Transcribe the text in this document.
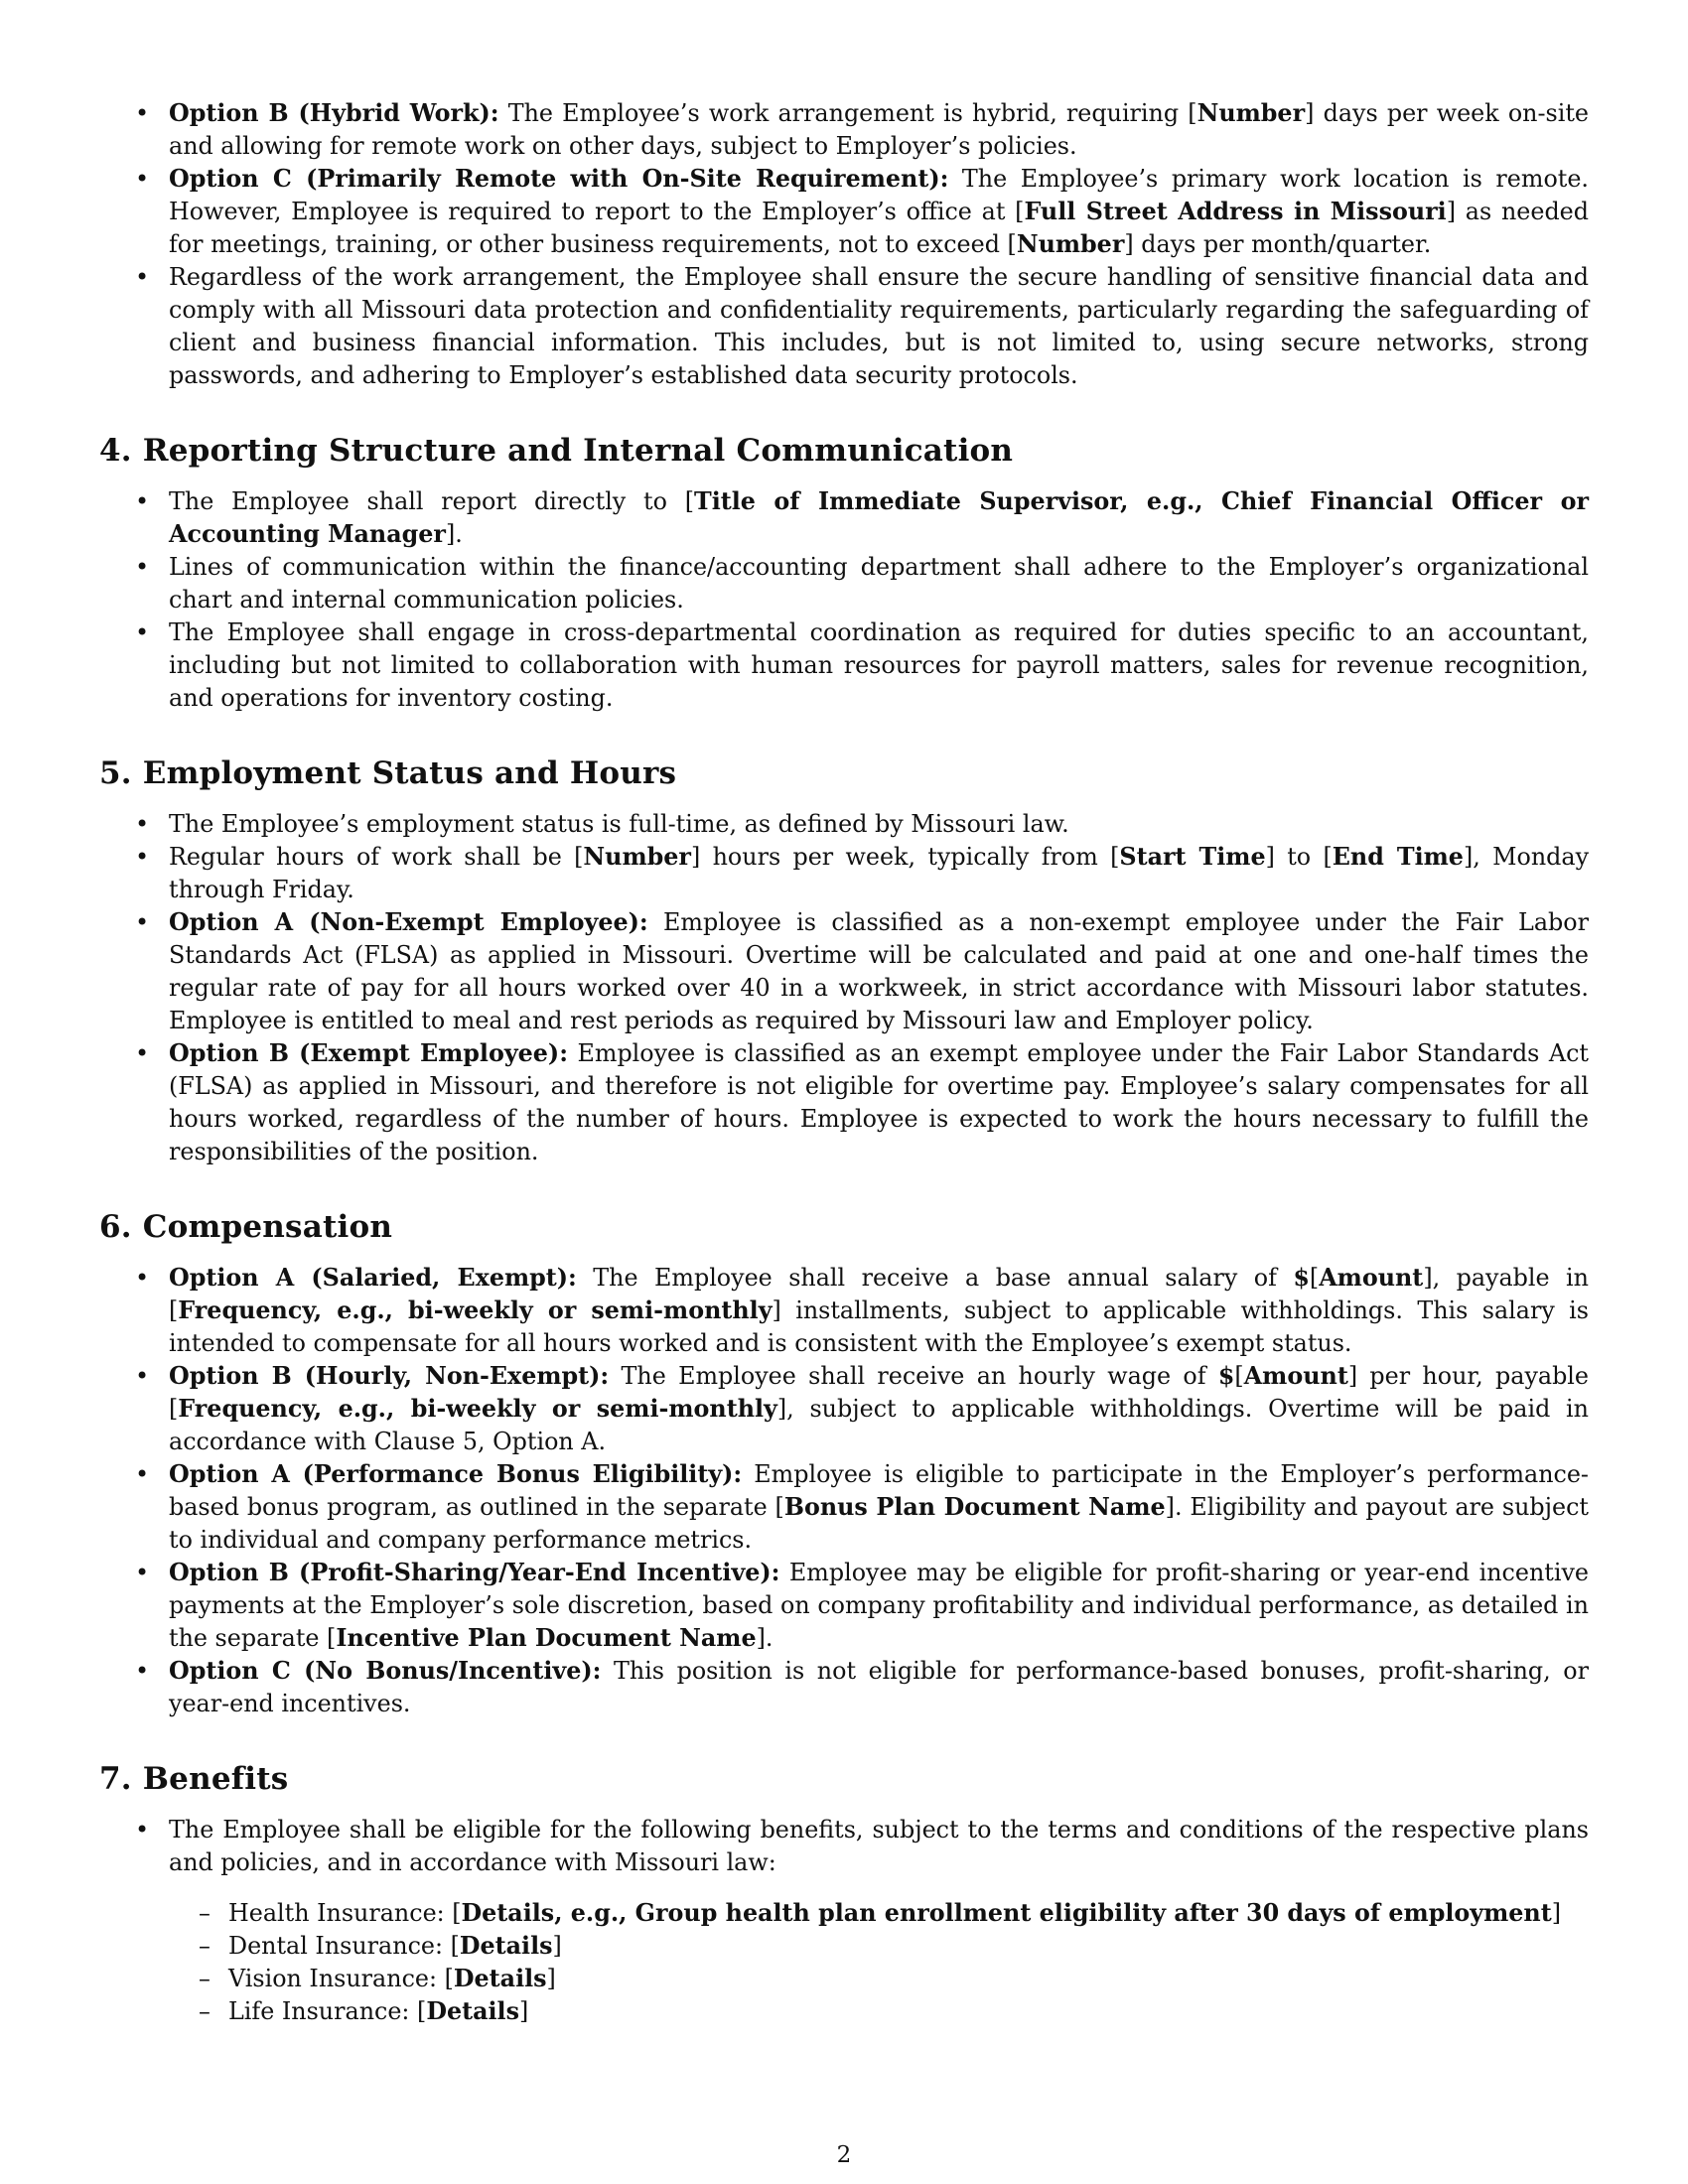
• Option B (Hybrid Work): The Employee’s work arrangement is hybrid, requiring [Number] days per week on-site and allowing for remote work on other days, subject to Employer’s policies.
• Option C (Primarily Remote with On-Site Requirement): The Employee’s primary work location is remote. However, Employee is required to report to the Employer’s office at [Full Street Address in Missouri] as needed for meetings, training, or other business requirements, not to exceed [Number] days per month/quarter.
• Regardless of the work arrangement, the Employee shall ensure the secure handling of sensitive financial data and comply with all Missouri data protection and confidentiality requirements, particularly regarding the safeguarding of client and business financial information. This includes, but is not limited to, using secure networks, strong passwords, and adhering to Employer’s established data security protocols.
4. Reporting Structure and Internal Communication
• The Employee shall report directly to [Title of Immediate Supervisor, e.g., Chief Financial Officer or Accounting Manager].
• Lines of communication within the finance/accounting department shall adhere to the Employer’s organizational chart and internal communication policies.
• The Employee shall engage in cross-departmental coordination as required for duties specific to an accountant, including but not limited to collaboration with human resources for payroll matters, sales for revenue recognition, and operations for inventory costing.
5. Employment Status and Hours
• The Employee’s employment status is full-time, as defined by Missouri law.
• Regular hours of work shall be [Number] hours per week, typically from [Start Time] to [End Time], Monday through Friday.
• Option A (Non-Exempt Employee): Employee is classified as a non-exempt employee under the Fair Labor Standards Act (FLSA) as applied in Missouri. Overtime will be calculated and paid at one and one-half times the regular rate of pay for all hours worked over 40 in a workweek, in strict accordance with Missouri labor statutes. Employee is entitled to meal and rest periods as required by Missouri law and Employer policy.
• Option B (Exempt Employee): Employee is classified as an exempt employee under the Fair Labor Standards Act (FLSA) as applied in Missouri, and therefore is not eligible for overtime pay. Employee’s salary compensates for all hours worked, regardless of the number of hours. Employee is expected to work the hours necessary to fulfill the responsibilities of the position.
6. Compensation
• Option A (Salaried, Exempt): The Employee shall receive a base annual salary of $[Amount], payable in [Frequency, e.g., bi-weekly or semi-monthly] installments, subject to applicable withholdings. This salary is intended to compensate for all hours worked and is consistent with the Employee’s exempt status.
• Option B (Hourly, Non-Exempt): The Employee shall receive an hourly wage of $[Amount] per hour, payable [Frequency, e.g., bi-weekly or semi-monthly], subject to applicable withholdings. Overtime will be paid in accordance with Clause 5, Option A.
• Option A (Performance Bonus Eligibility): Employee is eligible to participate in the Employer’s performance-based bonus program, as outlined in the separate [Bonus Plan Document Name]. Eligibility and payout are subject to individual and company performance metrics.
• Option B (Profit-Sharing/Year-End Incentive): Employee may be eligible for profit-sharing or year-end incentive payments at the Employer’s sole discretion, based on company profitability and individual performance, as detailed in the separate [Incentive Plan Document Name].
• Option C (No Bonus/Incentive): This position is not eligible for performance-based bonuses, profit-sharing, or year-end incentives.
7. Benefits
• The Employee shall be eligible for the following benefits, subject to the terms and conditions of the respective plans and policies, and in accordance with Missouri law:
– Health Insurance: [Details, e.g., Group health plan enrollment eligibility after 30 days of employment]
– Dental Insurance: [Details]
– Vision Insurance: [Details]
– Life Insurance: [Details]
2
